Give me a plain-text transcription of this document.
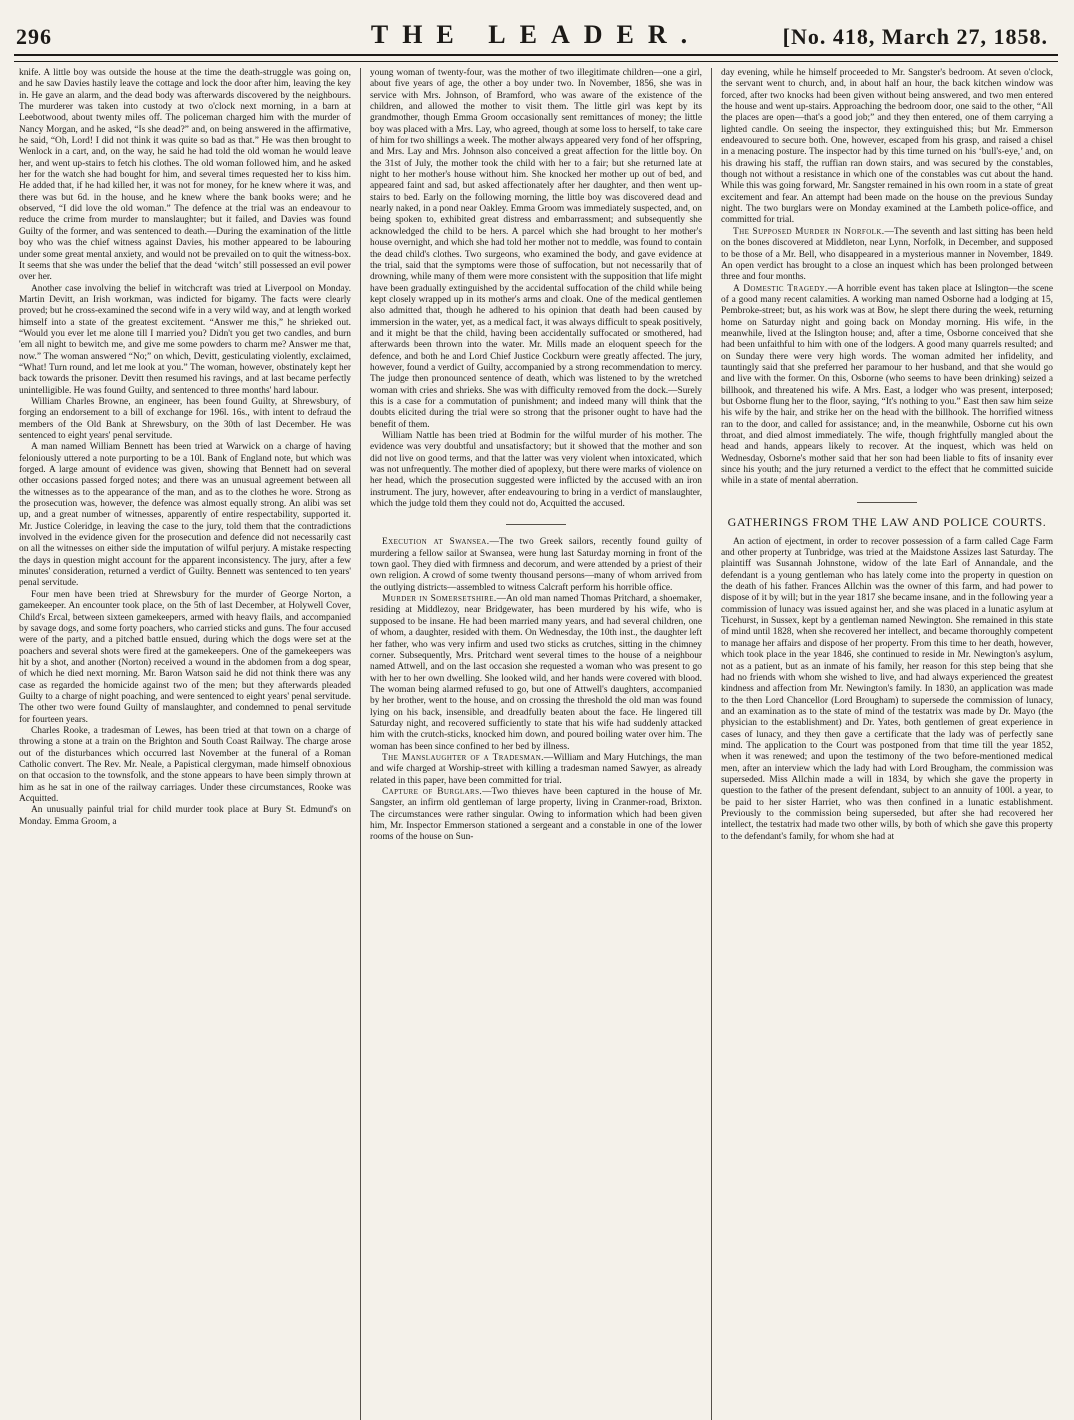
296	THE LEADER.	[No. 418, March 27, 1858.

knife. A little boy was outside the house at the time the death-struggle was going on, and he saw Davies hastily leave the cottage and lock the door after him, leaving the key in. He gave an alarm, and the dead body was afterwards discovered by the neighbours. The murderer was taken into custody at two o'clock next morning, in a barn at Leebotwood, about twenty miles off. The policeman charged him with the murder of Nancy Morgan, and he asked, “Is she dead?” and, on being answered in the affirmative, he said, “Oh, Lord! I did not think it was quite so bad as that.” He was then brought to Wenlock in a cart, and, on the way, he said he had told the old woman he would leave her, and went up-stairs to fetch his clothes. The old woman followed him, and he asked her for the watch she had bought for him, and several times requested her to kiss him. He added that, if he had killed her, it was not for money, for he knew where it was, and there was but 6d. in the house, and he knew where the bank books were; and he observed, “I did love the old woman.” The defence at the trial was an endeavour to reduce the crime from murder to manslaughter; but it failed, and Davies was found Guilty of the former, and was sentenced to death.—During the examination of the little boy who was the chief witness against Davies, his mother appeared to be labouring under some great mental anxiety, and would not be prevailed on to quit the witness-box. It seems that she was under the belief that the dead ‘witch’ still possessed an evil power over her.

Another case involving the belief in witchcraft was tried at Liverpool on Monday. Martin Devitt, an Irish workman, was indicted for bigamy. The facts were clearly proved; but he cross-examined the second wife in a very wild way, and at length worked himself into a state of the greatest excitement. “Answer me this,” he shrieked out. “Would you ever let me alone till I married you? Didn't you get two candles, and burn 'em all night to bewitch me, and give me some powders to charm me? Answer me that, now.” The woman answered “No;” on which, Devitt, gesticulating violently, exclaimed, “What! Turn round, and let me look at you.” The woman, however, obstinately kept her back towards the prisoner. Devitt then resumed his ravings, and at last became perfectly unintelligible. He was found Guilty, and sentenced to three months' hard labour.

William Charles Browne, an engineer, has been found Guilty, at Shrewsbury, of forging an endorsement to a bill of exchange for 196l. 16s., with intent to defraud the members of the Old Bank at Shrewsbury, on the 30th of last December. He was sentenced to eight years' penal servitude.

A man named William Bennett has been tried at Warwick on a charge of having feloniously uttered a note purporting to be a 10l. Bank of England note, but which was forged. A large amount of evidence was given, showing that Bennett had on several other occasions passed forged notes; and there was an unusual agreement between all the witnesses as to the appearance of the man, and as to the clothes he wore. Strong as the prosecution was, however, the defence was almost equally strong. An alibi was set up, and a great number of witnesses, apparently of entire respectability, supported it. Mr. Justice Coleridge, in leaving the case to the jury, told them that the contradictions involved in the evidence given for the prosecution and defence did not necessarily cast on all the witnesses on either side the imputation of wilful perjury. A mistake respecting the days in question might account for the apparent inconsistency. The jury, after a few minutes' consideration, returned a verdict of Guilty. Bennett was sentenced to ten years' penal servitude.

Four men have been tried at Shrewsbury for the murder of George Norton, a gamekeeper. An encounter took place, on the 5th of last December, at Holywell Cover, Child's Ercal, between sixteen gamekeepers, armed with heavy flails, and accompanied by savage dogs, and some forty poachers, who carried sticks and guns. The four accused were of the party, and a pitched battle ensued, during which the dogs were set at the poachers and several shots were fired at the gamekeepers. One of the gamekeepers was hit by a shot, and another (Norton) received a wound in the abdomen from a dog spear, of which he died next morning. Mr. Baron Watson said he did not think there was any case as regarded the homicide against two of the men; but they afterwards pleaded Guilty to a charge of night poaching, and were sentenced to eight years' penal servitude. The other two were found Guilty of manslaughter, and condemned to penal servitude for fourteen years.

Charles Rooke, a tradesman of Lewes, has been tried at that town on a charge of throwing a stone at a train on the Brighton and South Coast Railway. The charge arose out of the disturbances which occurred last November at the funeral of a Roman Catholic convert. The Rev. Mr. Neale, a Papistical clergyman, made himself obnoxious on that occasion to the townsfolk, and the stone appears to have been simply thrown at him as he sat in one of the railway carriages. Under these circumstances, Rooke was Acquitted.

An unusually painful trial for child murder took place at Bury St. Edmund's on Monday. Emma Groom, a

young woman of twenty-four, was the mother of two illegitimate children—one a girl, about five years of age, the other a boy under two. In November, 1856, she was in service with Mrs. Johnson, of Bramford, who was aware of the existence of the children, and allowed the mother to visit them. The little girl was kept by its grandmother, though Emma Groom occasionally sent remittances of money; the little boy was placed with a Mrs. Lay, who agreed, though at some loss to herself, to take care of him for two shillings a week. The mother always appeared very fond of her offspring, and Mrs. Lay and Mrs. Johnson also conceived a great affection for the little boy. On the 31st of July, the mother took the child with her to a fair; but she returned late at night to her mother's house without him. She knocked her mother up out of bed, and appeared faint and sad, but asked affectionately after her daughter, and then went up-stairs to bed. Early on the following morning, the little boy was discovered dead and nearly naked, in a pond near Oakley. Emma Groom was immediately suspected, and, on being spoken to, exhibited great distress and embarrassment; and subsequently she acknowledged the child to be hers. A parcel which she had brought to her mother's house overnight, and which she had told her mother not to meddle, was found to contain the dead child's clothes. Two surgeons, who examined the body, and gave evidence at the trial, said that the symptoms were those of suffocation, but not necessarily that of drowning, while many of them were more consistent with the supposition that life might have been gradually extinguished by the accidental suffocation of the child while being kept closely wrapped up in its mother's arms and cloak. One of the medical gentlemen also admitted that, though he adhered to his opinion that death had been caused by immersion in the water, yet, as a medical fact, it was always difficult to speak positively, and it might be that the child, having been accidentally suffocated or smothered, had afterwards been thrown into the water. Mr. Mills made an eloquent speech for the defence, and both he and Lord Chief Justice Cockburn were greatly affected. The jury, however, found a verdict of Guilty, accompanied by a strong recommendation to mercy. The judge then pronounced sentence of death, which was listened to by the wretched woman with cries and shrieks. She was with difficulty removed from the dock.—Surely this is a case for a commutation of punishment; and indeed many will think that the doubts elicited during the trial were so strong that the prisoner ought to have had the benefit of them.

William Nattle has been tried at Bodmin for the wilful murder of his mother. The evidence was very doubtful and unsatisfactory; but it showed that the mother and son did not live on good terms, and that the latter was very violent when intoxicated, which was not unfrequently. The mother died of apoplexy, but there were marks of violence on her head, which the prosecution suggested were inflicted by the accused with an iron instrument. The jury, however, after endeavouring to bring in a verdict of manslaughter, which the judge told them they could not do, Acquitted the accused.

Execution at Swansea.—The two Greek sailors, recently found guilty of murdering a fellow sailor at Swansea, were hung last Saturday morning in front of the town gaol. They died with firmness and decorum, and were attended by a priest of their own religion. A crowd of some twenty thousand persons—many of whom arrived from the outlying districts—assembled to witness Calcraft perform his horrible office.

Murder in Somersetshire.—An old man named Thomas Pritchard, a shoemaker, residing at Middlezoy, near Bridgewater, has been murdered by his wife, who is supposed to be insane. He had been married many years, and had several children, one of whom, a daughter, resided with them. On Wednesday, the 10th inst., the daughter left her father, who was very infirm and used two sticks as crutches, sitting in the chimney corner. Subsequently, Mrs. Pritchard went several times to the house of a neighbour named Attwell, and on the last occasion she requested a woman who was present to go with her to her own dwelling. She looked wild, and her hands were covered with blood. The woman being alarmed refused to go, but one of Attwell's daughters, accompanied by her brother, went to the house, and on crossing the threshold the old man was found lying on his back, insensible, and dreadfully beaten about the face. He lingered till Saturday night, and recovered sufficiently to state that his wife had suddenly attacked him with the crutch-sticks, knocked him down, and poured boiling water over him. The woman has been since confined to her bed by illness.

The Manslaughter of a Tradesman.—William and Mary Hutchings, the man and wife charged at Worship-street with killing a tradesman named Sawyer, as already related in this paper, have been committed for trial.

Capture of Burglars.—Two thieves have been captured in the house of Mr. Sangster, an infirm old gentleman of large property, living in Cranmer-road, Brixton. The circumstances were rather singular. Owing to information which had been given him, Mr. Inspector Emmerson stationed a sergeant and a constable in one of the lower rooms of the house on Sun-

day evening, while he himself proceeded to Mr. Sangster's bedroom. At seven o'clock, the servant went to church, and, in about half an hour, the back kitchen window was forced, after two knocks had been given without being answered, and two men entered the house and went up-stairs. Approaching the bedroom door, one said to the other, “All the places are open—that's a good job;” and they then entered, one of them carrying a lighted candle. On seeing the inspector, they extinguished this; but Mr. Emmerson endeavoured to secure both. One, however, escaped from his grasp, and raised a chisel in a menacing posture. The inspector had by this time turned on his ‘bull's-eye,’ and, on his drawing his staff, the ruffian ran down stairs, and was secured by the constables, though not without a resistance in which one of the constables was cut about the hand. While this was going forward, Mr. Sangster remained in his own room in a state of great excitement and fear. An attempt had been made on the house on the previous Sunday night. The two burglars were on Monday examined at the Lambeth police-office, and committed for trial.

The Supposed Murder in Norfolk.—The seventh and last sitting has been held on the bones discovered at Middleton, near Lynn, Norfolk, in December, and supposed to be those of a Mr. Bell, who disappeared in a mysterious manner in November, 1849. An open verdict has brought to a close an inquest which has been prolonged between three and four months.

A Domestic Tragedy.—A horrible event has taken place at Islington—the scene of a good many recent calamities. A working man named Osborne had a lodging at 15, Pembroke-street; but, as his work was at Bow, he slept there during the week, returning home on Saturday night and going back on Monday morning. His wife, in the meanwhile, lived at the Islington house; and, after a time, Osborne conceived that she had been unfaithful to him with one of the lodgers. A good many quarrels resulted; and on Sunday there were very high words. The woman admited her infidelity, and tauntingly said that she preferred her paramour to her husband, and that she would go and live with the former. On this, Osborne (who seems to have been drinking) seized a billhook, and threatened his wife. A Mrs. East, a lodger who was present, interposed; but Osborne flung her to the floor, saying, “It's nothing to you.” East then saw him seize his wife by the hair, and strike her on the head with the billhook. The horrified witness ran to the door, and called for assistance; and, in the meanwhile, Osborne cut his own throat, and died almost immediately. The wife, though frightfully mangled about the head and hands, appears likely to recover. At the inquest, which was held on Wednesday, Osborne's mother said that her son had been liable to fits of insanity ever since his youth; and the jury returned a verdict to the effect that he committed suicide while in a state of mental aberration.

GATHERINGS FROM THE LAW AND POLICE COURTS.

An action of ejectment, in order to recover possession of a farm called Cage Farm and other property at Tunbridge, was tried at the Maidstone Assizes last Saturday. The plaintiff was Susannah Johnstone, widow of the late Earl of Annandale, and the defendant is a young gentleman who has lately come into the property in question on the death of his father. Frances Allchin was the owner of this farm, and had power to dispose of it by will; but in the year 1817 she became insane, and in the following year a commission of lunacy was issued against her, and she was placed in a lunatic asylum at Ticehurst, in Sussex, kept by a gentleman named Newington. She remained in this state of mind until 1828, when she recovered her intellect, and became thoroughly competent to manage her affairs and dispose of her property. From this time to her death, however, which took place in the year 1846, she continued to reside in Mr. Newington's asylum, not as a patient, but as an inmate of his family, her reason for this step being that she had no friends with whom she wished to live, and had always experienced the greatest kindness and affection from Mr. Newington's family. In 1830, an application was made to the then Lord Chancellor (Lord Brougham) to supersede the commission of lunacy, and an examination as to the state of mind of the testatrix was made by Dr. Mayo (the physician to the establishment) and Dr. Yates, both gentlemen of great experience in cases of lunacy, and they then gave a certificate that the lady was of perfectly sane mind. The application to the Court was postponed from that time till the year 1852, when it was renewed; and upon the testimony of the two before-mentioned medical men, after an interview which the lady had with Lord Brougham, the commission was superseded. Miss Allchin made a will in 1834, by which she gave the property in question to the father of the present defendant, subject to an annuity of 100l. a year, to be paid to her sister Harriet, who was then confined in a lunatic establishment. Previously to the commission being superseded, but after she had recovered her intellect, the testatrix had made two other wills, by both of which she gave this property to the defendant's family, for whom she had at
